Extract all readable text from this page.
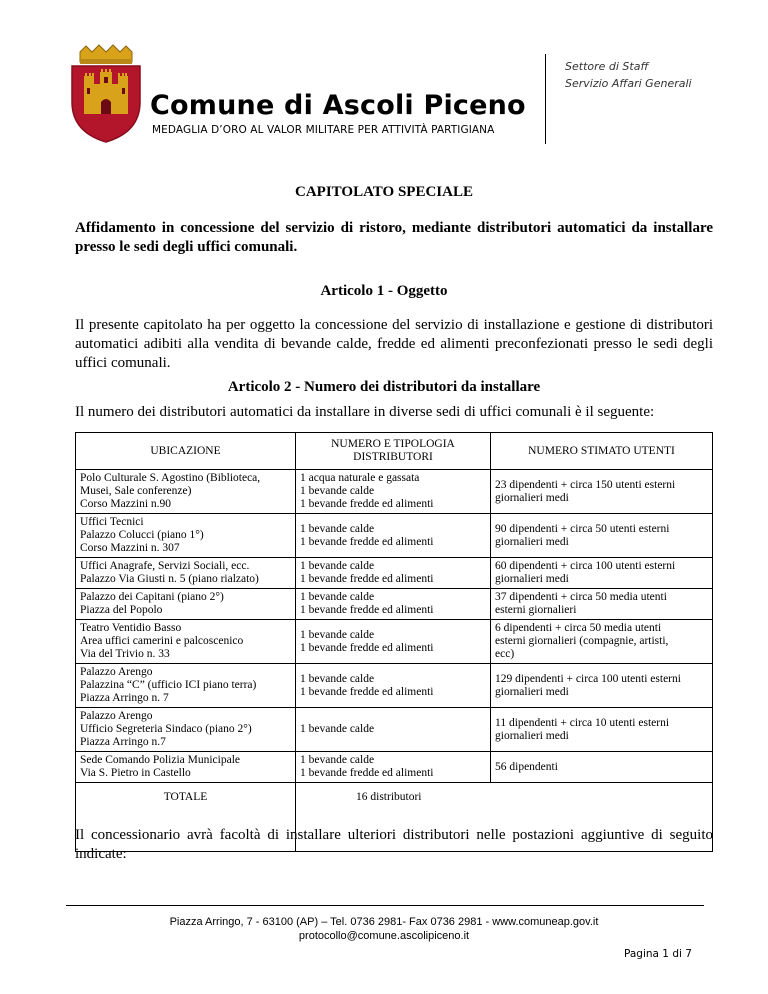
Comune di Ascoli Piceno
MEDAGLIA D’ORO AL VALOR MILITARE PER ATTIVITÀ PARTIGIANA
Settore di Staff
Servizio Affari Generali
CAPITOLATO SPECIALE
Affidamento in concessione del servizio di ristoro, mediante distributori automatici da installare presso le sedi degli uffici comunali.
Articolo 1 - Oggetto
Il presente capitolato ha per oggetto la concessione del servizio di installazione e gestione di distributori automatici adibiti alla vendita di bevande calde, fredde ed alimenti preconfezionati presso le sedi degli uffici comunali.
Articolo 2 - Numero dei distributori da installare
Il numero dei distributori automatici da installare in diverse sedi di uffici comunali è il seguente:
UBICAZIONE	NUMERO E TIPOLOGIA DISTRIBUTORI	NUMERO STIMATO UTENTI

Polo Culturale S. Agostino (Biblioteca,
Musei, Sale conferenze)
Corso Mazzini n.90	1 acqua naturale e gassata
1 bevande calde
1 bevande fredde ed alimenti	23 dipendenti + circa 150 utenti esterni
giornalieri medi

Uffici Tecnici
Palazzo Colucci (piano 1°)
Corso Mazzini n. 307	1 bevande calde
1 bevande fredde ed alimenti	90 dipendenti + circa 50 utenti esterni
giornalieri medi

Uffici Anagrafe, Servizi Sociali, ecc.
Palazzo Via Giusti n. 5 (piano rialzato)	1 bevande calde
1 bevande fredde ed alimenti	60 dipendenti + circa 100 utenti esterni
giornalieri medi

Palazzo dei Capitani (piano 2°)
Piazza del Popolo	1 bevande calde
1 bevande fredde ed alimenti	37 dipendenti + circa 50 media utenti
esterni giornalieri

Teatro Ventidio Basso
Area uffici camerini e palcoscenico
Via del Trivio n. 33	1 bevande calde
1 bevande fredde ed alimenti	6 dipendenti + circa 50 media utenti
esterni giornalieri (compagnie, artisti,
ecc)

Palazzo Arengo
Palazzina “C” (ufficio ICI piano terra)
Piazza Arringo n. 7	1 bevande calde
1 bevande fredde ed alimenti	129 dipendenti + circa 100 utenti esterni
giornalieri medi

Palazzo Arengo
Ufficio Segreteria Sindaco (piano 2°)
Piazza Arringo n.7	1 bevande calde	11 dipendenti + circa 10 utenti esterni
giornalieri medi

Sede Comando Polizia Municipale
Via S. Pietro in Castello	1 bevande calde
1 bevande fredde ed alimenti	56 dipendenti

TOTALE	16 distributori	
Il concessionario avrà facoltà di installare ulteriori distributori nelle postazioni aggiuntive di seguito indicate:
Piazza Arringo, 7 - 63100 (AP) – Tel. 0736 2981- Fax 0736 2981 - www.comuneap.gov.it
protocollo@comune.ascolipiceno.it
Pagina 1 di 7
